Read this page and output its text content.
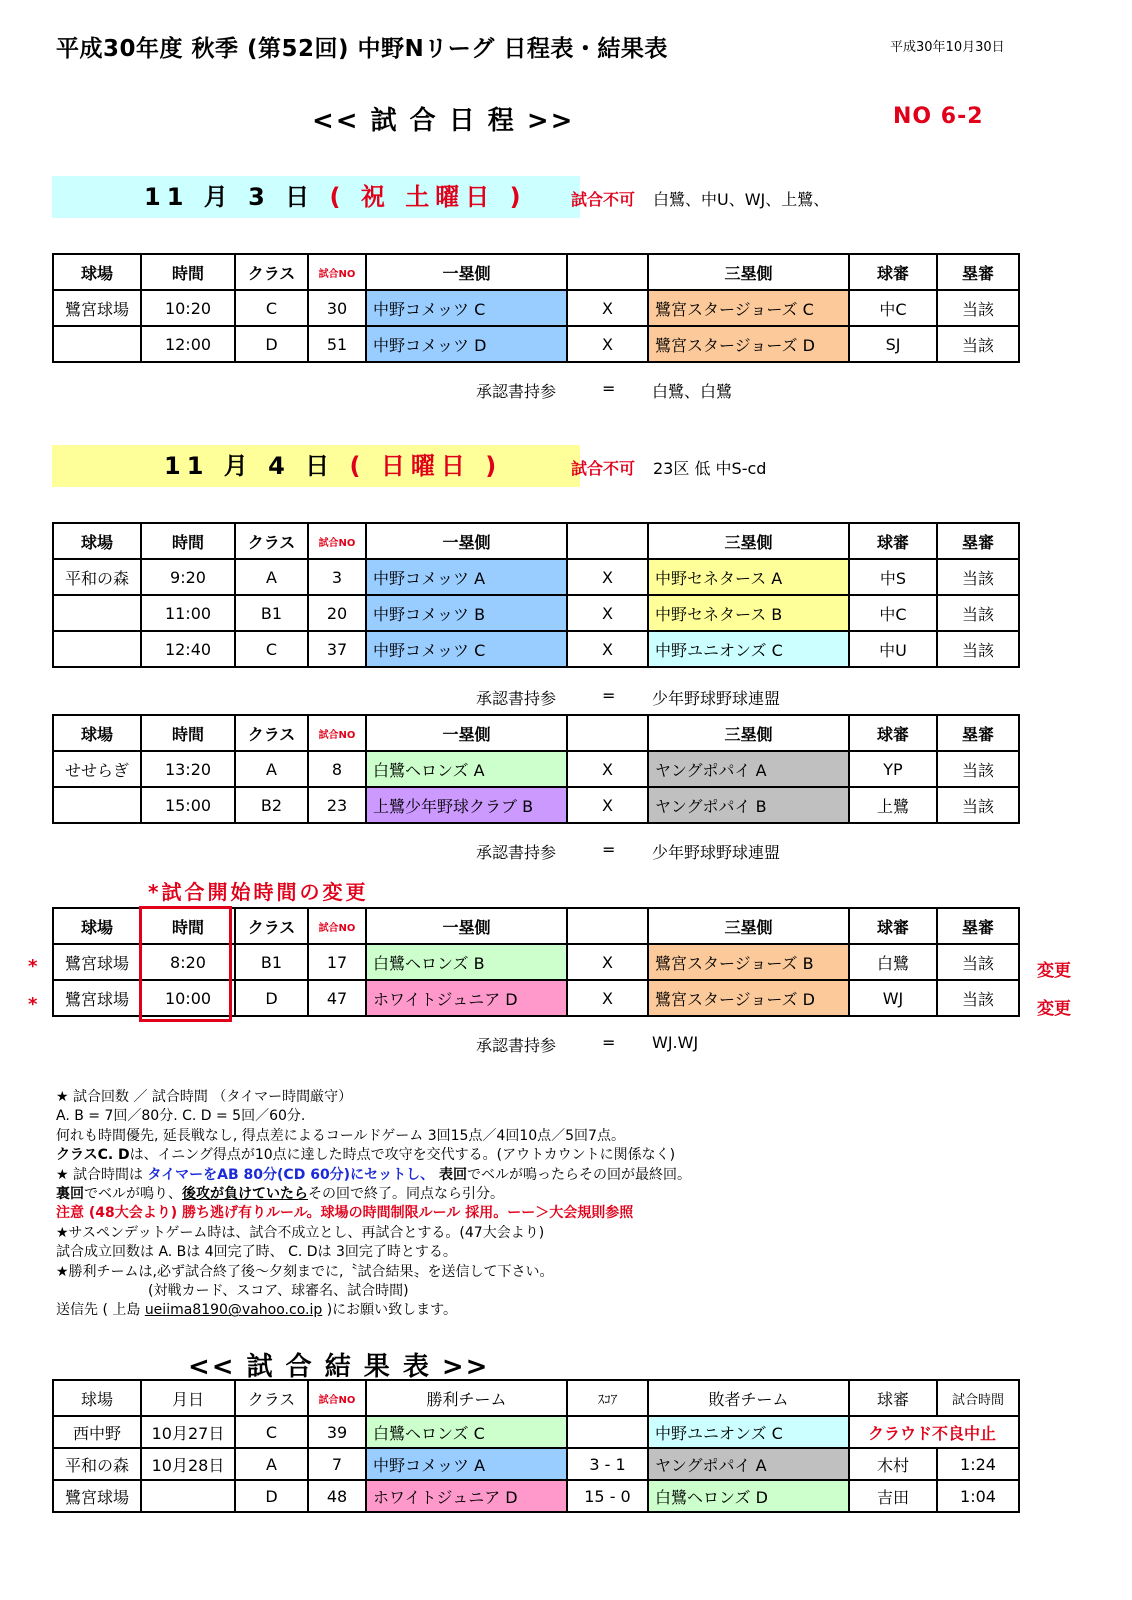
平成30年度 秋季 (第52回) 中野Nリーグ 日程表・結果表	平成30年10月30日
<< 試 合 日 程 >>	NO 6-2
11 月 3 日 ( 祝 土曜日 )	試合不可 白鷺、中U、WJ、上鷺、
球場	時間	クラス	試合NO	一塁側		三塁側	球審	塁審
鷺宮球場	10:20	C	30	中野コメッツ C	X	鷺宮スタージョーズ C	中C	当該
	12:00	D	51	中野コメッツ D	X	鷺宮スタージョーズ D	SJ	当該
承認書持参	= 白鷺、白鷺
11 月 4 日 ( 日曜日 )	試合不可 23区 低 中S-cd
球場	時間	クラス	試合NO	一塁側		三塁側	球審	塁審
平和の森	9:20	A	3	中野コメッツ A	X	中野セネタース A	中S	当該
	11:00	B1	20	中野コメッツ B	X	中野セネタース B	中C	当該
	12:40	C	37	中野コメッツ C	X	中野ユニオンズ C	中U	当該
承認書持参	= 少年野球野球連盟
球場	時間	クラス	試合NO	一塁側		三塁側	球審	塁審
せせらぎ	13:20	A	8	白鷺ヘロンズ A	X	ヤングポパイ A	YP	当該
	15:00	B2	23	上鷺少年野球クラブ B	X	ヤングポパイ B	上鷺	当該
承認書持参	= 少年野球野球連盟
*試合開始時間の変更
球場	時間	クラス	試合NO	一塁側		三塁側	球審	塁審
鷺宮球場	8:20	B1	17	白鷺ヘロンズ B	X	鷺宮スタージョーズ B	白鷺	当該
鷺宮球場	10:00	D	47	ホワイトジュニア D	X	鷺宮スタージョーズ D	WJ	当該
*
*
変更
変更
承認書持参	= WJ.WJ
★ 試合回数 ／ 試合時間 （タイマー時間厳守）
A. B = 7回／80分. C. D = 5回／60分.
何れも時間優先, 延長戦なし, 得点差によるコールドゲーム 3回15点／4回10点／5回7点。
クラスC. Dは、イニング得点が10点に達した時点で攻守を交代する。(アウトカウントに関係なく)
★ 試合時間は タイマーをAB 80分(CD 60分)にセットし、 表回でベルが鳴ったらその回が最終回。
裏回でベルが鳴り、後攻が負けていたらその回で終了。同点なら引分。
注意 (48大会より) 勝ち逃げ有りルール。球場の時間制限ルール 採用。ーー＞大会規則参照
★サスペンデットゲーム時は、試合不成立とし、再試合とする。(47大会より)
試合成立回数は A. Bは 4回完了時、 C. Dは 3回完了時とする。
★勝利チームは,必ず試合終了後～夕刻までに,〝試合結果〟を送信して下さい。
(対戦カード、スコア、球審名、試合時間)
送信先 ( 上島 ueiima8190@vahoo.co.ip )にお願い致します。
<< 試 合 結 果 表 >>
球場	月日	クラス	試合NO	勝利チーム	ｽｺｱ	敗者チーム	球審	試合時間
西中野	10月27日	C	39	白鷺ヘロンズ C		中野ユニオンズ C	クラウド不良中止	
平和の森	10月28日	A	7	中野コメッツ A	3 - 1	ヤングポパイ A	木村	1:24
鷺宮球場		D	48	ホワイトジュニア D	15 - 0	白鷺ヘロンズ D	吉田	1:04
